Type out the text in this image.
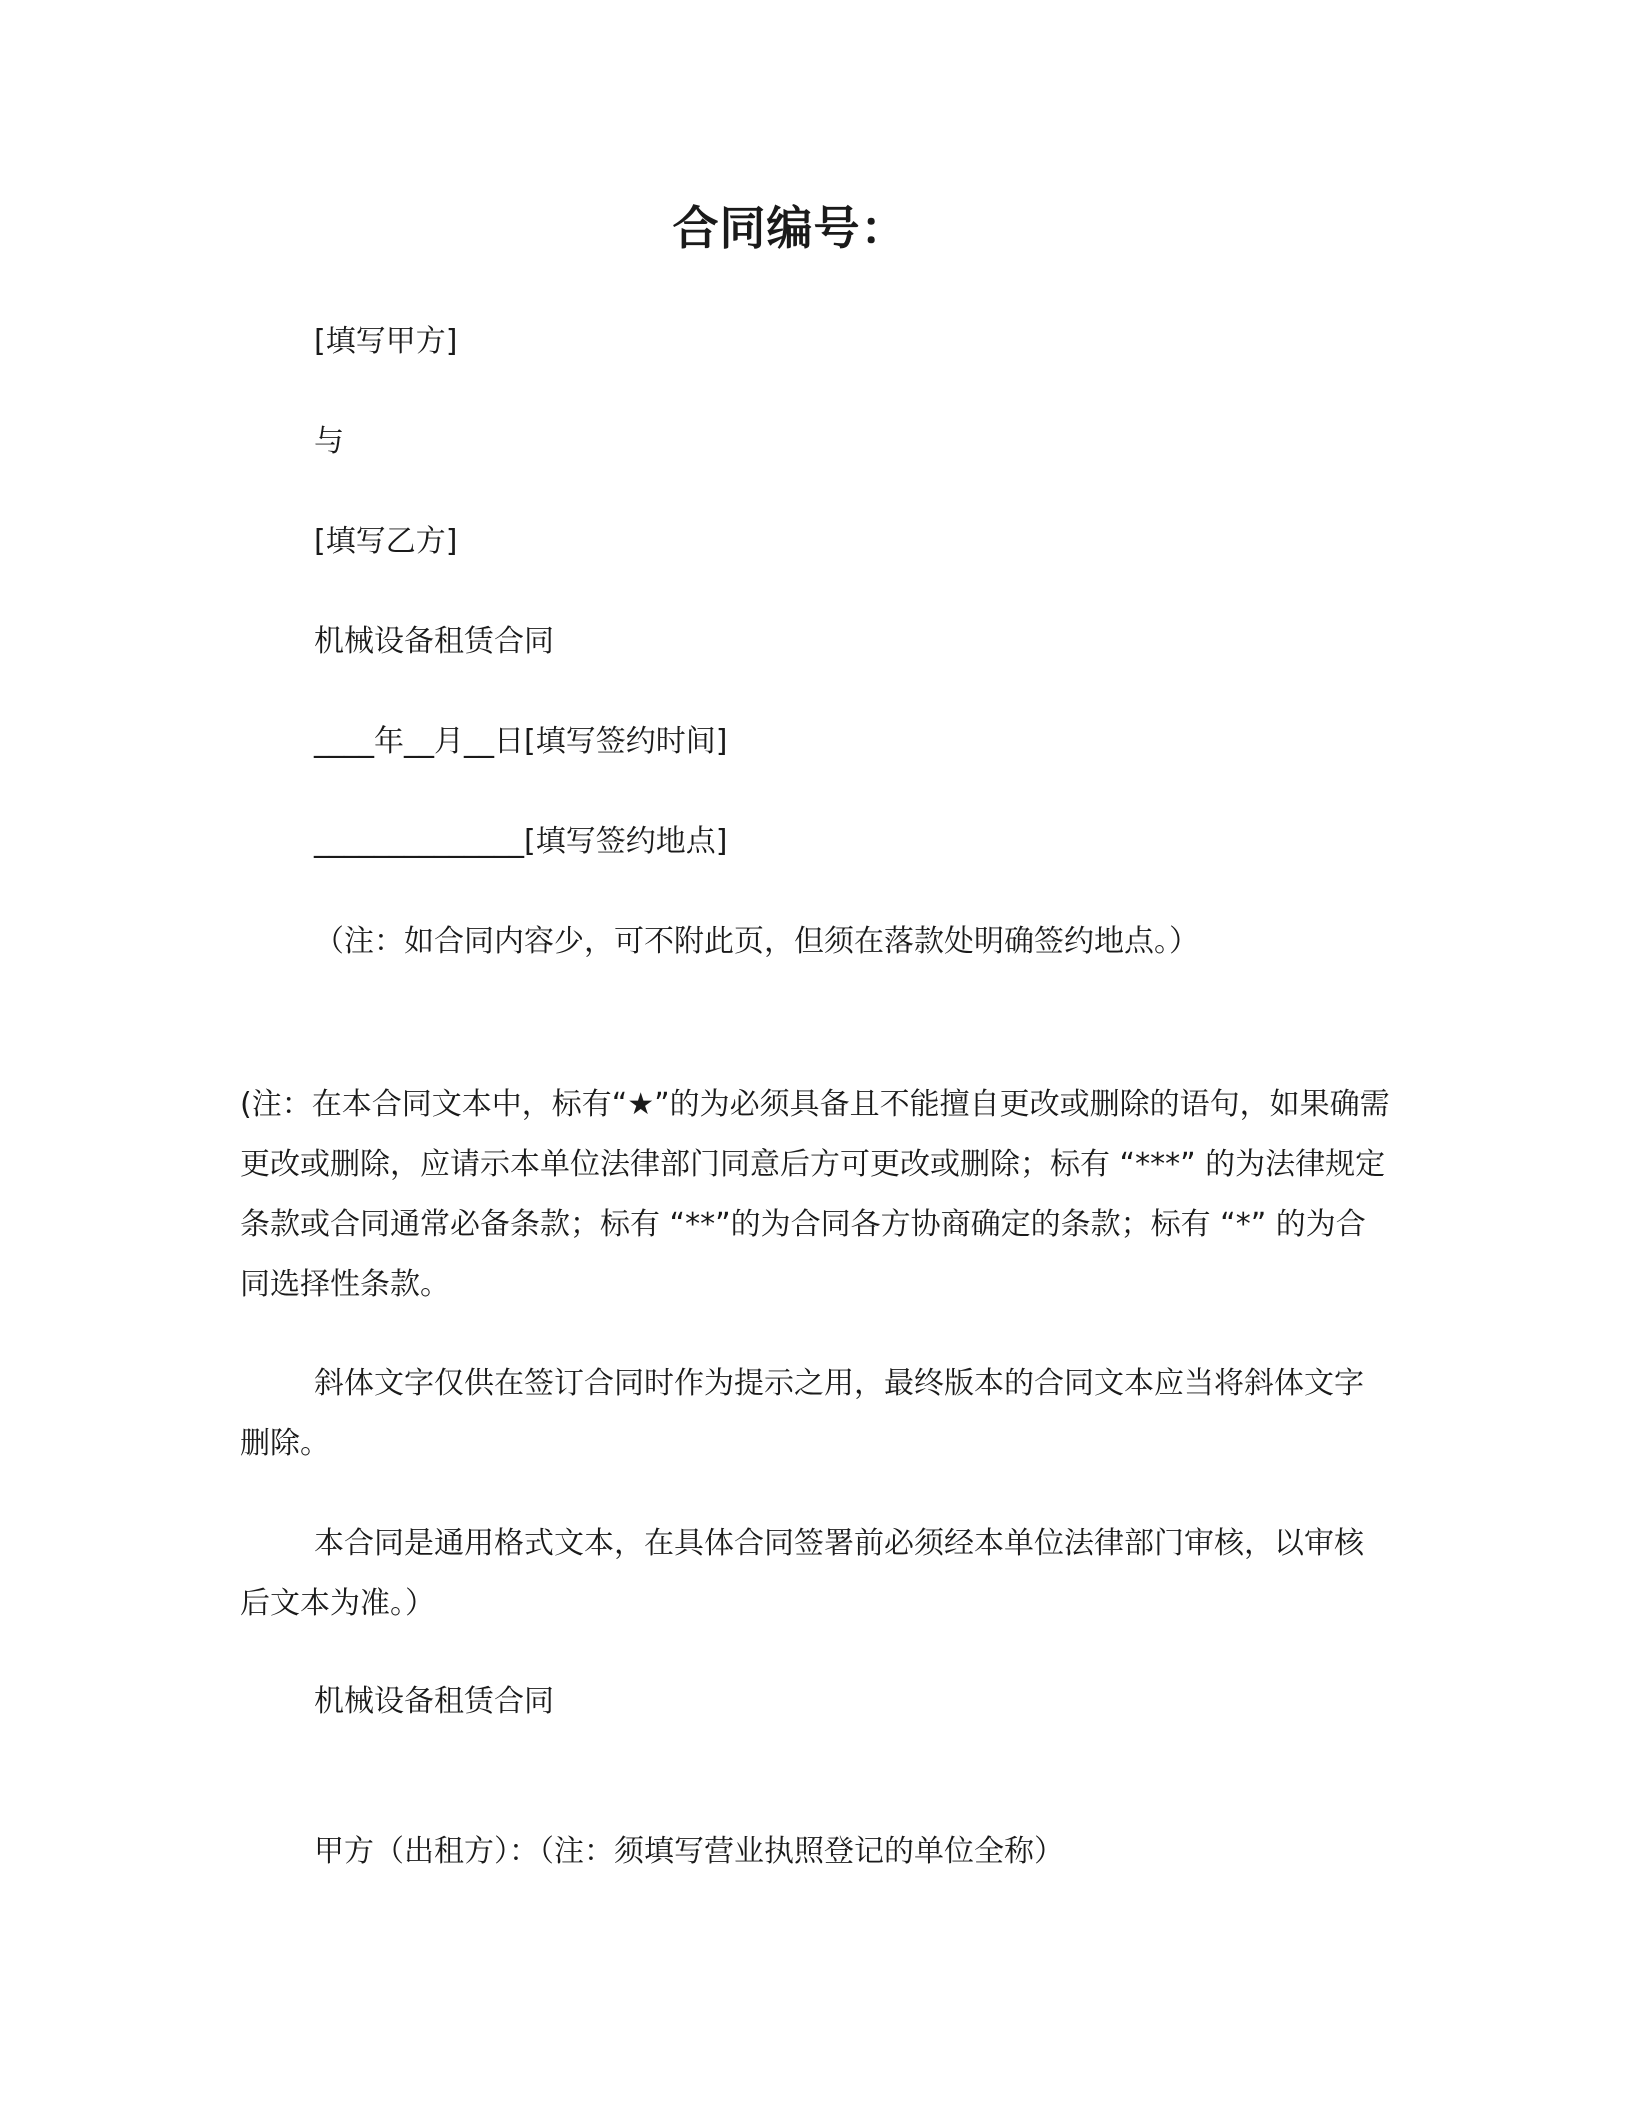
合同编号：
[填写甲方]
与
[填写乙方]
机械设备租赁合同
____年__月__日[填写签约时间]
______________[填写签约地点]
（注：如合同内容少，可不附此页，但须在落款处明确签约地点。）

(注：在本合同文本中，标有“★”的为必须具备且不能擅自更改或删除的语句，如果确需更改或删除，应请示本单位法律部门同意后方可更改或删除；标有 “***” 的为法律规定条款或合同通常必备条款；标有 “**”的为合同各方协商确定的条款；标有 “*” 的为合同选择性条款。

斜体文字仅供在签订合同时作为提示之用，最终版本的合同文本应当将斜体文字删除。

本合同是通用格式文本，在具体合同签署前必须经本单位法律部门审核，以审核后文本为准。）

机械设备租赁合同
甲方（出租方）：（注：须填写营业执照登记的单位全称）
